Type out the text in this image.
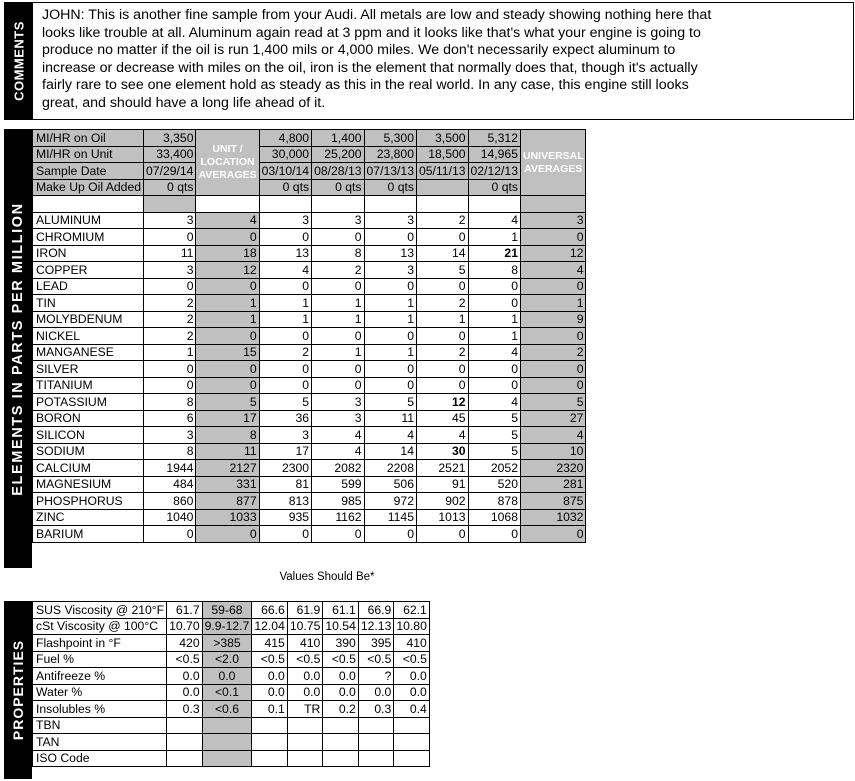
COMMENTS
JOHN: This is another fine sample from your Audi. All metals are low and steady showing nothing here that
looks like trouble at all. Aluminum again read at 3 ppm and it looks like that's what your engine is going to
produce no matter if the oil is run 1,400 mils or 4,000 miles. We don't necessarily expect aluminum to
increase or decrease with miles on the oil, iron is the element that normally does that, though it's actually
fairly rare to see one element hold as steady as this in the real world. In any case, this engine still looks
great, and should have a long life ahead of it.
ELEMENTS IN PARTS PER MILLION
MI/HR on Oil	3,350	UNIT / LOCATION AVERAGES	4,800	1,400	5,300	3,500	5,312	UNIVERSAL AVERAGES
MI/HR on Unit	33,400		30,000	25,200	23,800	18,500	14,965	
Sample Date	07/29/14		03/10/14	08/28/13	07/13/13	05/11/13	02/12/13	
Make Up Oil Added	0 qts		0 qts	0 qts	0 qts		0 qts	

ALUMINUM	3	4	3	3	3	2	4	3
CHROMIUM	0	0	0	0	0	0	1	0
IRON	11	18	13	8	13	14	21	12
COPPER	3	12	4	2	3	5	8	4
LEAD	0	0	0	0	0	0	0	0
TIN	2	1	1	1	1	2	0	1
MOLYBDENUM	2	1	1	1	1	1	1	9
NICKEL	2	0	0	0	0	0	1	0
MANGANESE	1	15	2	1	1	2	4	2
SILVER	0	0	0	0	0	0	0	0
TITANIUM	0	0	0	0	0	0	0	0
POTASSIUM	8	5	5	3	5	12	4	5
BORON	6	17	36	3	11	45	5	27
SILICON	3	8	3	4	4	4	5	4
SODIUM	8	11	17	4	14	30	5	10
CALCIUM	1944	2127	2300	2082	2208	2521	2052	2320
MAGNESIUM	484	331	81	599	506	91	520	281
PHOSPHORUS	860	877	813	985	972	902	878	875
ZINC	1040	1033	935	1162	1145	1013	1068	1032
BARIUM	0	0	0	0	0	0	0	0
Values Should Be*
PROPERTIES
SUS Viscosity @ 210°F	61.7	59-68	66.6	61.9	61.1	66.9	62.1
cSt Viscosity @ 100°C	10.70	9.9-12.7	12.04	10.75	10.54	12.13	10.80
Flashpoint in °F	420	>385	415	410	390	395	410
Fuel %	<0.5	<2.0	<0.5	<0.5	<0.5	<0.5	<0.5
Antifreeze %	0.0	0.0	0.0	0.0	0.0	?	0.0
Water %	0.0	<0.1	0.0	0.0	0.0	0.0	0.0
Insolubles %	0.3	<0.6	0.1	TR	0.2	0.3	0.4
TBN							
TAN							
ISO Code							
